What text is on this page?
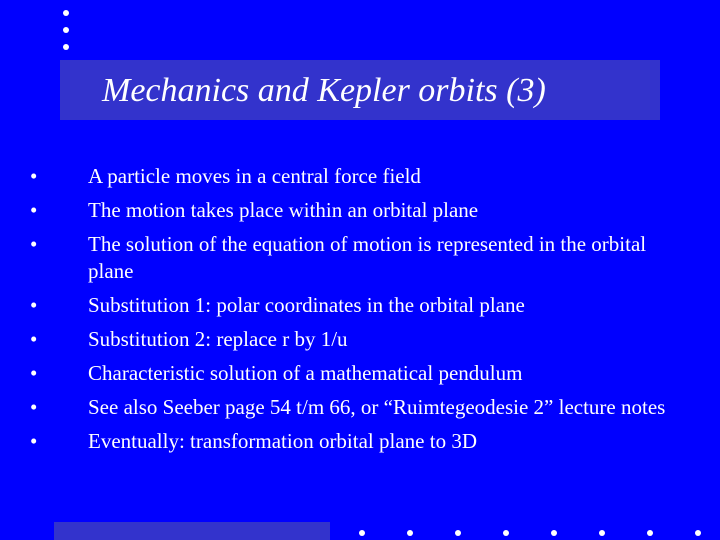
Mechanics and Kepler orbits (3)
•	A particle moves in a central force field
•	The motion takes place within an orbital plane
•	The solution of the equation of motion is represented in the orbital plane
•	Substitution 1: polar coordinates in the orbital plane
•	Substitution 2: replace r by 1/u
•	Characteristic solution of a mathematical pendulum
•	See also Seeber page 54 t/m 66, or “Ruimtegeodesie 2” lecture notes
•	Eventually: transformation orbital plane to 3D
